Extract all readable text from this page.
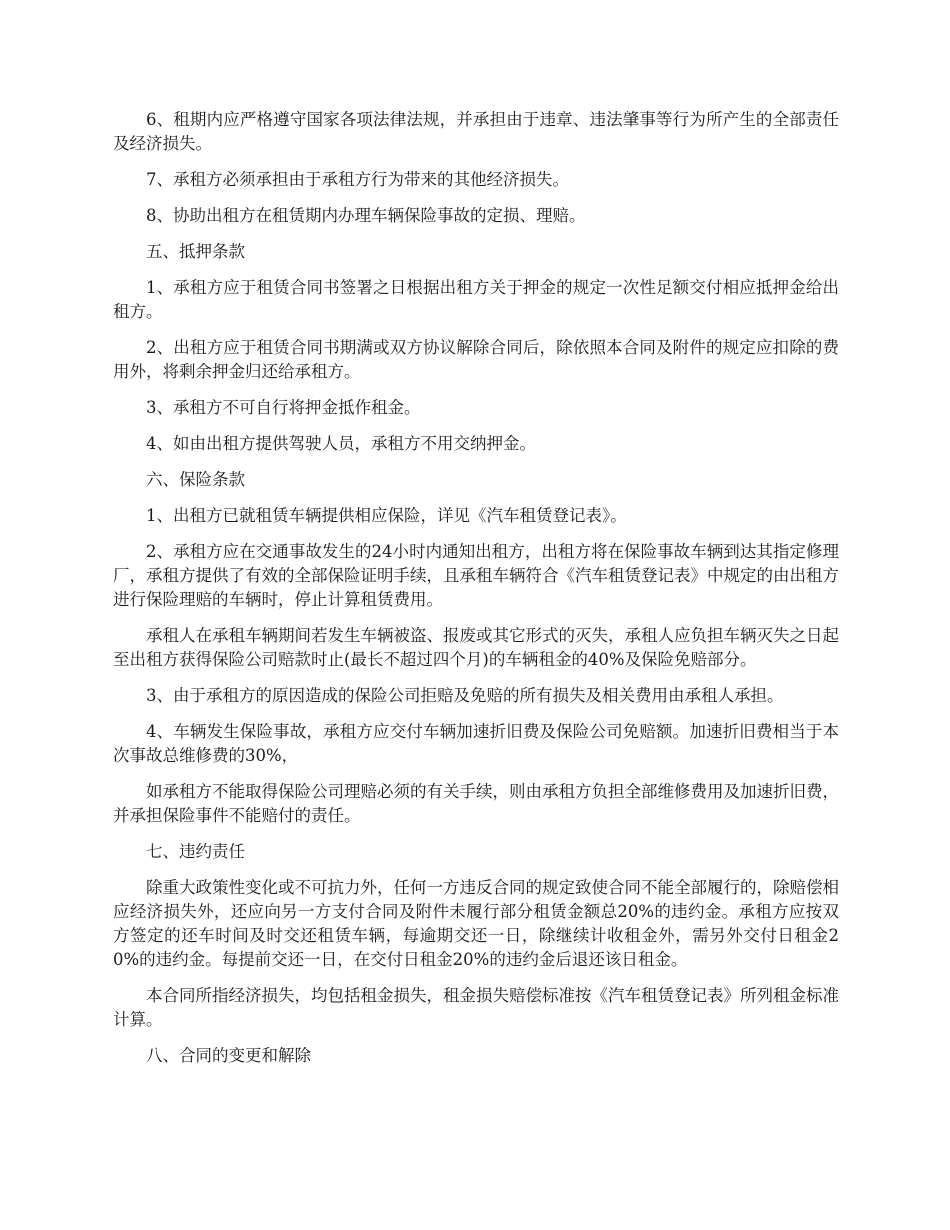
6、租期内应严格遵守国家各项法律法规，并承担由于违章、违法肇事等行为所产生的全部责任及经济损失。

7、承租方必须承担由于承租方行为带来的其他经济损失。

8、协助出租方在租赁期内办理车辆保险事故的定损、理赔。

五、抵押条款

1、承租方应于租赁合同书签署之日根据出租方关于押金的规定一次性足额交付相应抵押金给出租方。

2、出租方应于租赁合同书期满或双方协议解除合同后，除依照本合同及附件的规定应扣除的费用外，将剩余押金归还给承租方。

3、承租方不可自行将押金抵作租金。

4、如由出租方提供驾驶人员，承租方不用交纳押金。

六、保险条款

1、出租方已就租赁车辆提供相应保险，详见《汽车租赁登记表》。

2、承租方应在交通事故发生的24小时内通知出租方，出租方将在保险事故车辆到达其指定修理厂，承租方提供了有效的全部保险证明手续，且承租车辆符合《汽车租赁登记表》中规定的由出租方进行保险理赔的车辆时，停止计算租赁费用。

承租人在承租车辆期间若发生车辆被盗、报废或其它形式的灭失，承租人应负担车辆灭失之日起至出租方获得保险公司赔款时止(最长不超过四个月)的车辆租金的40%及保险免赔部分。

3、由于承租方的原因造成的保险公司拒赔及免赔的所有损失及相关费用由承租人承担。

4、车辆发生保险事故，承租方应交付车辆加速折旧费及保险公司免赔额。加速折旧费相当于本次事故总维修费的30%，

如承租方不能取得保险公司理赔必须的有关手续，则由承租方负担全部维修费用及加速折旧费，并承担保险事件不能赔付的责任。

七、违约责任

除重大政策性变化或不可抗力外，任何一方违反合同的规定致使合同不能全部履行的，除赔偿相应经济损失外，还应向另一方支付合同及附件未履行部分租赁金额总20%的违约金。承租方应按双方签定的还车时间及时交还租赁车辆，每逾期交还一日，除继续计收租金外，需另外交付日租金20%的违约金。每提前交还一日，在交付日租金20%的违约金后退还该日租金。

本合同所指经济损失，均包括租金损失，租金损失赔偿标准按《汽车租赁登记表》所列租金标准计算。

八、合同的变更和解除
